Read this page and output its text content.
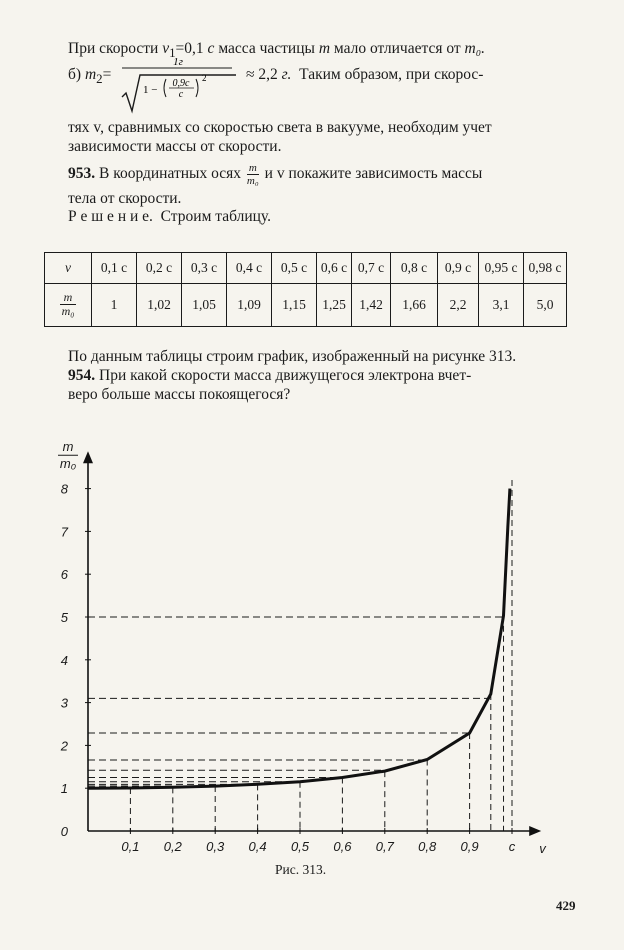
При скорости $v_1=0,1$ с масса частицы m мало отличается от m₀.
б) $m_2=$
1г
1 −
0,9c
c
2	≈ 2,2 г. Таким образом, при скорос-
тях v, сравнимых со скоростью света в вакууме, необходим учет
зависимости массы от скорости.
953. В координатных осях $\frac{m}{\text{m₀}}$ и v покажите зависимость массы
тела от скорости.
Р е ш е н и е. Строим таблицу.
v	0,1 c	0,2 c	0,3 c	0,4 c	0,5 c	0,6 c	0,7 c	0,8 c	0,9 c	0,95 c	0,98 c

$\frac{m}{\text{m₀}}$	1	1,02	1,05	1,09	1,15	1,25	1,42	1,66	2,2	3,1	5,0
По данным таблицы строим график, изображенный на рисунке 313.
954. При какой скорости масса движущегося электрона вчет-
веро больше массы покоящегося?
0
1
2
3
4
5
6
7
8
0,1 0,2 0,3 0,4 0,5 0,6 0,7 0,8 0,9 c
m
m₀
v
Рис. 313.
429
